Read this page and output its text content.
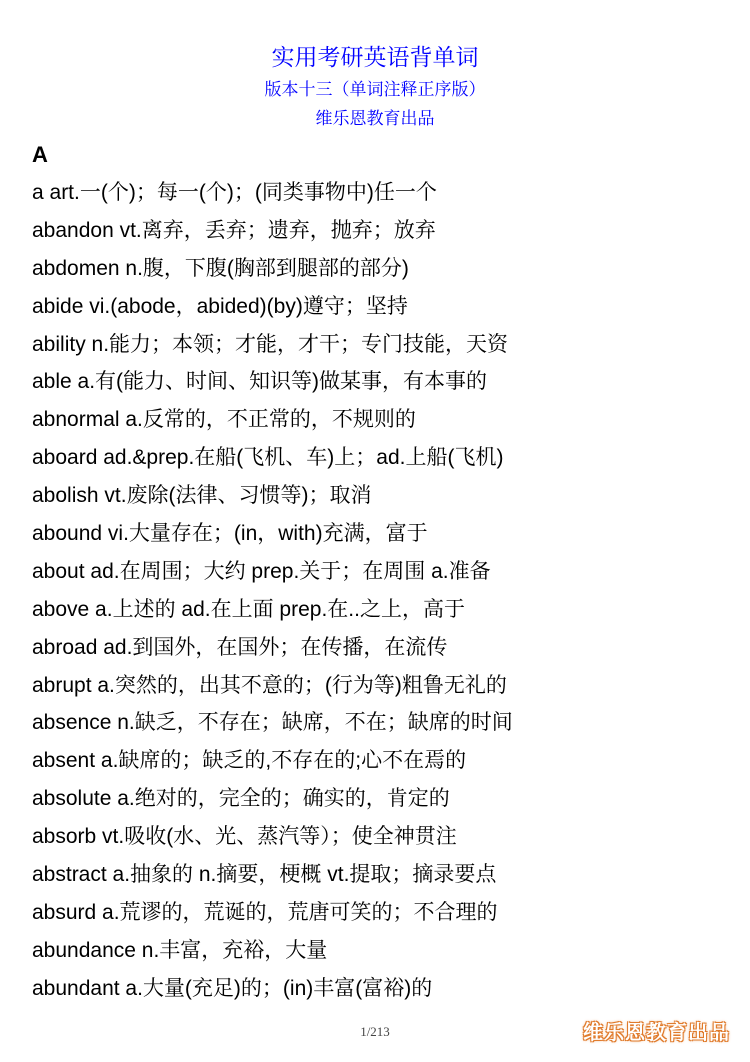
实用考研英语背单词
版本十三（单词注释正序版）
维乐恩教育出品
A
a art.一(个)；每一(个)；(同类事物中)任一个
abandon vt.离弃，丢弃；遗弃，抛弃；放弃
abdomen n.腹，下腹(胸部到腿部的部分)
abide vi.(abode，abided)(by)遵守；坚持
ability n.能力；本领；才能，才干；专门技能，天资
able a.有(能力、时间、知识等)做某事，有本事的
abnormal a.反常的，不正常的，不规则的
aboard ad.&prep.在船(飞机、车)上；ad.上船(飞机)
abolish vt.废除(法律、习惯等)；取消
abound vi.大量存在；(in，with)充满，富于
about ad.在周围；大约 prep.关于；在周围 a.准备
above a.上述的 ad.在上面 prep.在..之上，高于
abroad ad.到国外，在国外；在传播，在流传
abrupt a.突然的，出其不意的；(行为等)粗鲁无礼的
absence n.缺乏，不存在；缺席，不在；缺席的时间
absent a.缺席的；缺乏的,不存在的;心不在焉的
absolute a.绝对的，完全的；确实的，肯定的
absorb vt.吸收(水、光、蒸汽等）；使全神贯注
abstract a.抽象的 n.摘要，梗概 vt.提取；摘录要点
absurd a.荒谬的，荒诞的，荒唐可笑的；不合理的
abundance n.丰富，充裕，大量
abundant a.大量(充足)的；(in)丰富(富裕)的
1/213	维乐恩教育出品
